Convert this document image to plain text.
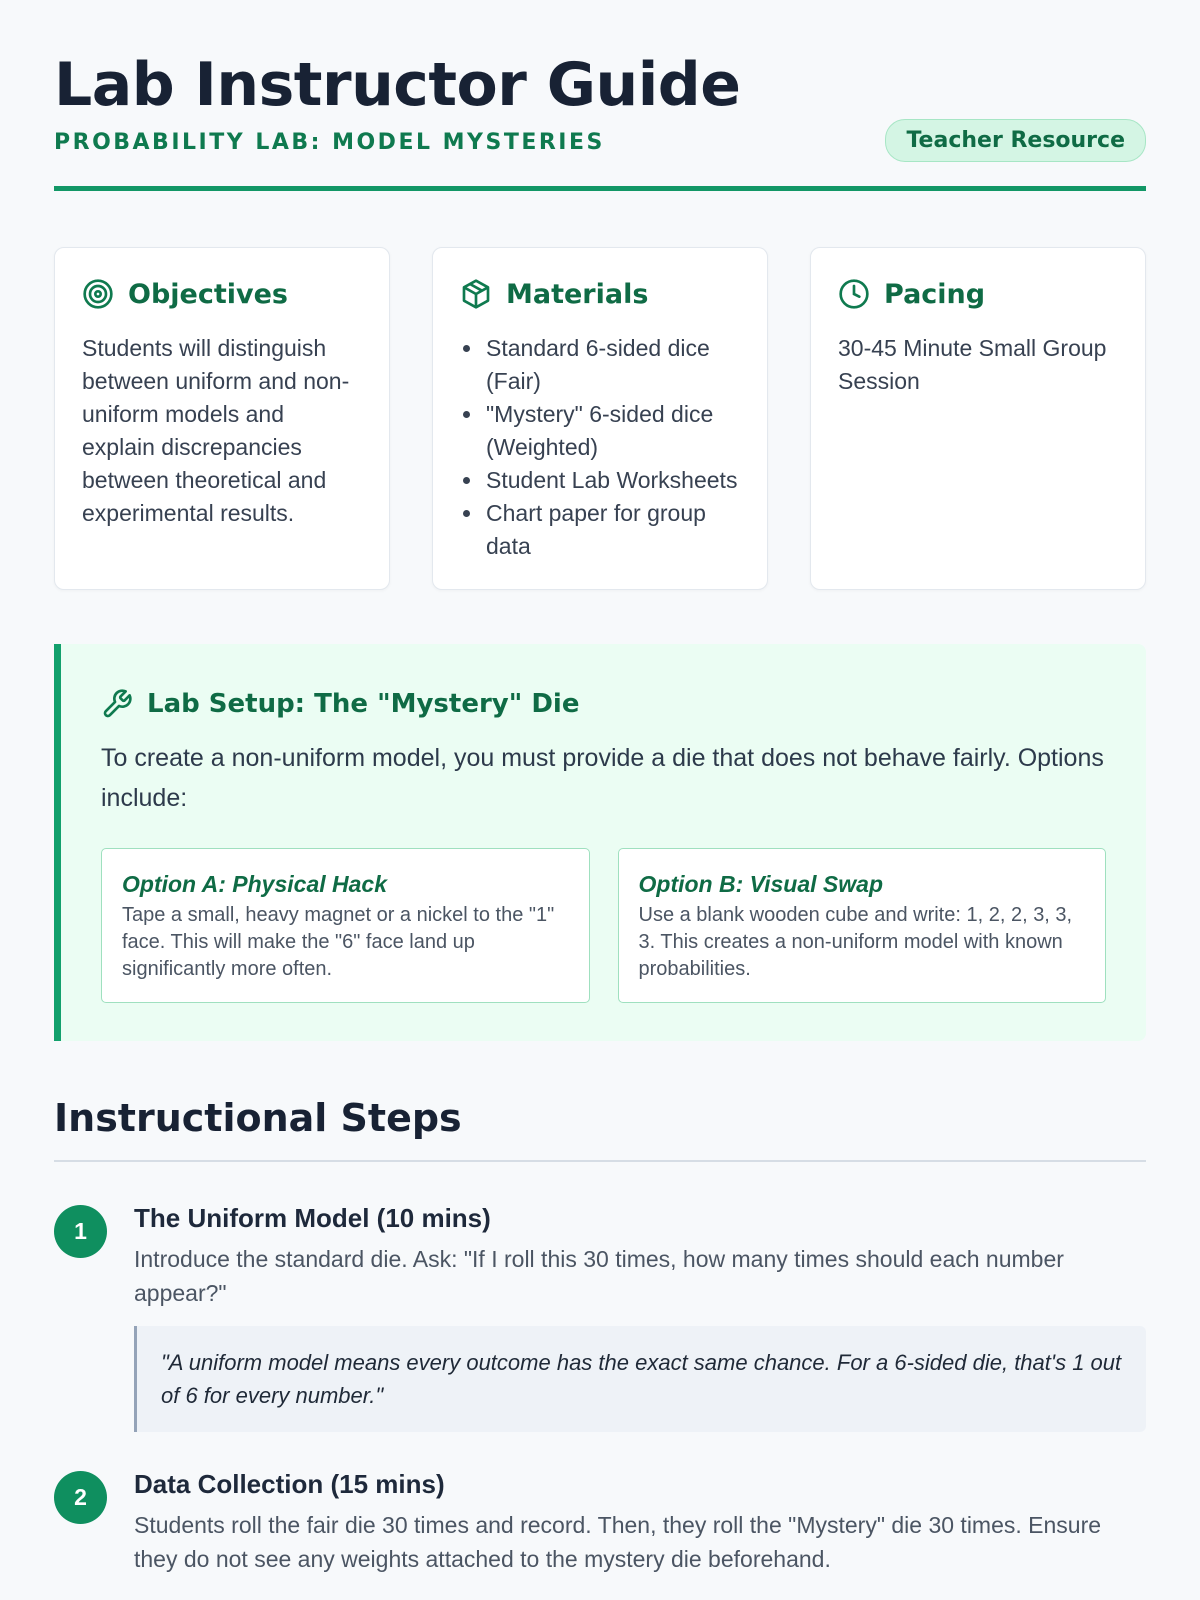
Lab Instructor Guide
PROBABILITY LAB: MODEL MYSTERIES	Teacher Resource
Objectives
Students will distinguish between uniform and non-uniform models and explain discrepancies between theoretical and experimental results.
Materials
• Standard 6-sided dice (Fair)
• "Mystery" 6-sided dice (Weighted)
• Student Lab Worksheets
• Chart paper for group data
Pacing
30-45 Minute Small Group Session
Lab Setup: The "Mystery" Die
To create a non-uniform model, you must provide a die that does not behave fairly. Options include:
Option A: Physical Hack
Tape a small, heavy magnet or a nickel to the "1" face. This will make the "6" face land up significantly more often.
Option B: Visual Swap
Use a blank wooden cube and write: 1, 2, 2, 3, 3, 3. This creates a non-uniform model with known probabilities.
Instructional Steps
1	The Uniform Model (10 mins)
Introduce the standard die. Ask: "If I roll this 30 times, how many times should each number appear?"
"A uniform model means every outcome has the exact same chance. For a 6-sided die, that's 1 out of 6 for every number."
2	Data Collection (15 mins)
Students roll the fair die 30 times and record. Then, they roll the "Mystery" die 30 times. Ensure they do not see any weights attached to the mystery die beforehand.
